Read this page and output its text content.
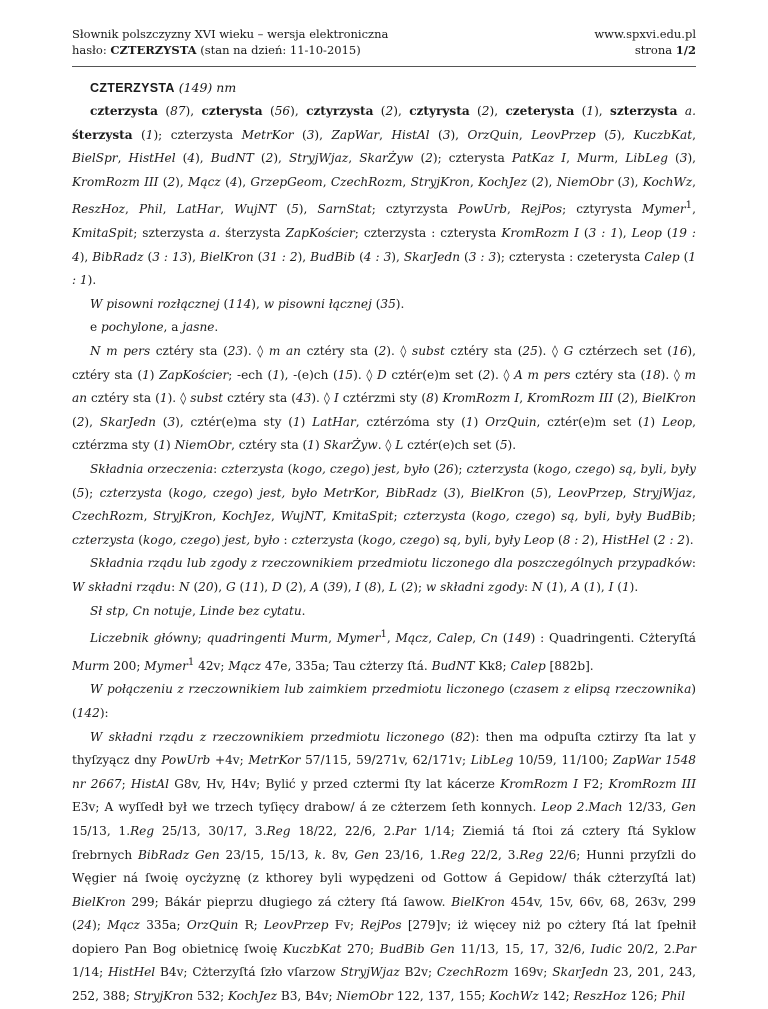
Słownik polszczyzny XVI wieku – wersja elektroniczna
hasło: CZTERZYSTA (stan na dzień: 11-10-2015)
www.spxvi.edu.pl
strona 1/2
CZTERZYSTA (149) nm

czterzysta (87), czterysta (56), cztyrzysta (2), cztyrysta (2), czeterysta (1), szterzysta a. śterzysta (1); czterzysta MetrKor (3), ZapWar, HistAl (3), OrzQuin, LeovPrzep (5), KuczbKat, BielSpr, HistHel (4), BudNT (2), StryjWjaz, SkarŻyw (2); czterysta PatKaz I, Murm, LibLeg (3), KromRozm III (2), Mącz (4), GrzepGeom, CzechRozm, StryjKron, KochJez (2), NiemObr (3), KochWz, ReszHoz, Phil, LatHar, WujNT (5), SarnStat; cztyrzysta PowUrb, RejPos; cztyrysta Mymer$^1$, KmitaSpit; szterzysta a. śterzysta ZapKościer; czterzysta : czterysta KromRozm I (3 : 1), Leop (19 : 4), BibRadz (3 : 13), BielKron (31 : 2), BudBib (4 : 3), SkarJedn (3 : 3); czterysta : czeterysta Calep (1 : 1).

W pisowni rozłącznej (114), w pisowni łącznej (35).

e pochylone, a jasne.

N m pers cztéry sta (23). ◊ m an cztéry sta (2). ◊ subst cztéry sta (25). ◊ G cztérzech set (16), cztéry sta (1) ZapKościer; -ech (1), -(e)ch (15). ◊ D cztér(e)m set (2). ◊ A m pers cztéry sta (18). ◊ m an cztéry sta (1). ◊ subst cztéry sta (43). ◊ I cztérzmi sty (8) KromRozm I, KromRozm III (2), BielKron (2), SkarJedn (3), cztér(e)ma sty (1) LatHar, cztérzóma sty (1) OrzQuin, cztér(e)m set (1) Leop, cztérzma sty (1) NiemObr, cztéry sta (1) SkarŻyw. ◊ L cztér(e)ch set (5).

Składnia orzeczenia: czterzysta (kogo, czego) jest, było (26); czterzysta (kogo, czego) są, byli, były (5); czterzysta (kogo, czego) jest, było MetrKor, BibRadz (3), BielKron (5), LeovPrzep, StryjWjaz, CzechRozm, StryjKron, KochJez, WujNT, KmitaSpit; czterzysta (kogo, czego) są, byli, były BudBib; czterzysta (kogo, czego) jest, było : czterzysta (kogo, czego) są, byli, były Leop (8 : 2), HistHel (2 : 2).

Składnia rządu lub zgody z rzeczownikiem przedmiotu liczonego dla poszczególnych przypadków: W składni rządu: N (20), G (11), D (2), A (39), I (8), L (2); w składni zgody: N (1), A (1), I (1).

Sł stp, Cn notuje, Linde bez cytatu.

Liczebnik główny; quadringenti Murm, Mymer$^1$, Mącz, Calep, Cn (149) : Quadringenti. Cżteryſtá Murm 200; Mymer$^1$ 42v; Mącz 47e, 335a; Tau cżterzy ſtá. BudNT Kk8; Calep [882b].

W połączeniu z rzeczownikiem lub zaimkiem przedmiotu liczonego (czasem z elipsą rzeczownika) (142):

W składni rządu z rzeczownikiem przedmiotu liczonego (82): then ma odpuſta cztirzy ſta lat y thyſzyącz dny PowUrb +4v; MetrKor 57/115, 59/271v, 62/171v; LibLeg 10/59, 11/100; ZapWar 1548 nr 2667; HistAl G8v, Hv, H4v; Bylić y przed cztermi ſty lat kácerze KromRozm I F2; KromRozm III E3v; A wyſſedł był we trzech tyſięcy drabow/ á ze cżterzem ſeth konnych. Leop 2.Mach 12/33, Gen 15/13, 1.Reg 25/13, 30/17, 3.Reg 18/22, 22/6, 2.Par 1/14; Ziemiá tá ſtoi zá cztery ſtá Syklow ſrebrnych BibRadz Gen 23/15, 15/13, k. 8v, Gen 23/16, 1.Reg 22/2, 3.Reg 22/6; Hunni przyſzli do Węgier ná ſwoię oycżyznę (z kthorey byli wypędzeni od Gottow á Gepidow/ thák cżterzyſtá lat) BielKron 299; Bákár pieprzu długiego zá cżtery ſtá ſawow. BielKron 454v, 15v, 66v, 68, 263v, 299 (24); Mącz 335a; OrzQuin R; LeovPrzep Fv; RejPos [279]v; iż więcey niż po cżtery ſtá lat ſpełnił dopiero Pan Bog obietnicę ſwoię KuczbKat 270; BudBib Gen 11/13, 15, 17, 32/6, Iudic 20/2, 2.Par 1/14; HistHel B4v; Cżterzyſtá ſzło vſarzow StryjWjaz B2v; CzechRozm 169v; SkarJedn 23, 201, 243, 252, 388; StryjKron 532; KochJez B3, B4v; NiemObr 122, 137, 155; KochWz 142; ReszHoz 126; Phil
